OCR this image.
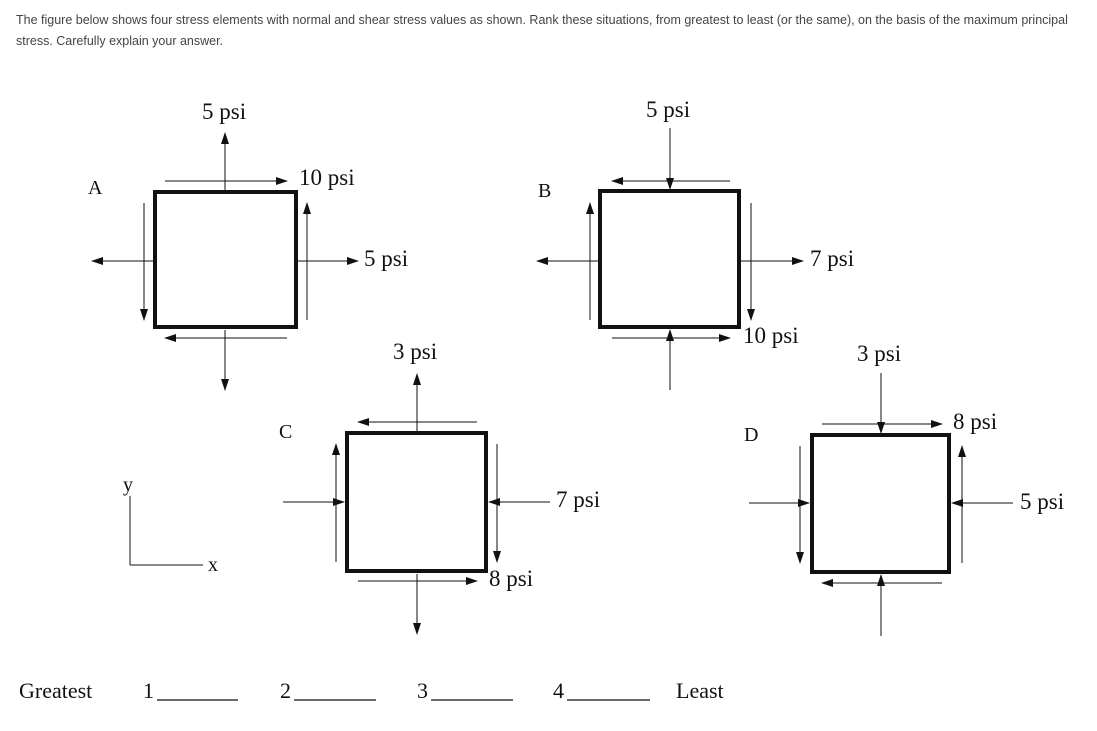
The figure below shows four stress elements with normal and shear stress values as shown. Rank these situations, from greatest to least (or the same), on the basis of the maximum principal stress. Carefully explain your answer.
A
5 psi
10 psi
5 psi
B
5 psi
7 psi
10 psi
C
3 psi
7 psi
8 psi
D
3 psi
8 psi
5 psi
y
x
Greatest 1	2	3	4	Least
